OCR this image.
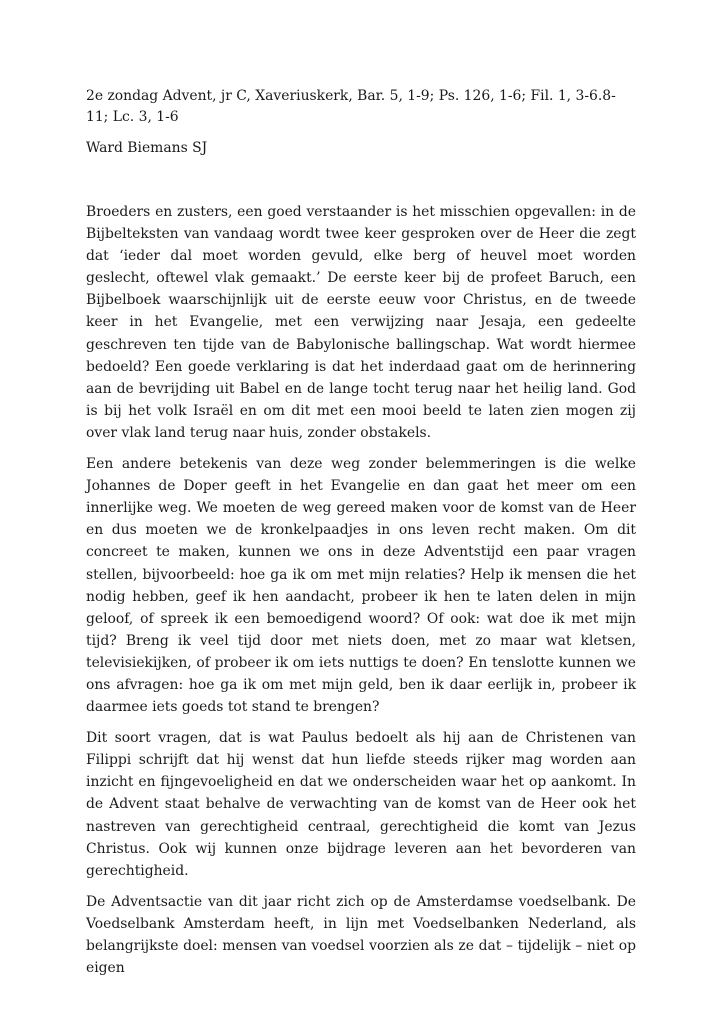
2e zondag Advent, jr C, Xaveriuskerk, Bar. 5, 1-9; Ps. 126, 1-6; Fil. 1, 3-6.8-11; Lc. 3, 1-6

Ward Biemans SJ

Broeders en zusters, een goed verstaander is het misschien opgevallen: in de Bijbelteksten van vandaag wordt twee keer gesproken over de Heer die zegt dat ‘ieder dal moet worden gevuld, elke berg of heuvel moet worden geslecht, oftewel vlak gemaakt.’ De eerste keer bij de profeet Baruch, een Bijbelboek waarschijnlijk uit de eerste eeuw voor Christus, en de tweede keer in het Evangelie, met een verwijzing naar Jesaja, een gedeelte geschreven ten tijde van de Babylonische ballingschap. Wat wordt hiermee bedoeld? Een goede verklaring is dat het inderdaad gaat om de herinnering aan de bevrijding uit Babel en de lange tocht terug naar het heilig land. God is bij het volk Israël en om dit met een mooi beeld te laten zien mogen zij over vlak land terug naar huis, zonder obstakels.

Een andere betekenis van deze weg zonder belemmeringen is die welke Johannes de Doper geeft in het Evangelie en dan gaat het meer om een innerlijke weg. We moeten de weg gereed maken voor de komst van de Heer en dus moeten we de kronkelpaadjes in ons leven recht maken. Om dit concreet te maken, kunnen we ons in deze Adventstijd een paar vragen stellen, bijvoorbeeld: hoe ga ik om met mijn relaties? Help ik mensen die het nodig hebben, geef ik hen aandacht, probeer ik hen te laten delen in mijn geloof, of spreek ik een bemoedigend woord? Of ook: wat doe ik met mijn tijd? Breng ik veel tijd door met niets doen, met zo maar wat kletsen, televisiekijken, of probeer ik om iets nuttigs te doen? En tenslotte kunnen we ons afvragen: hoe ga ik om met mijn geld, ben ik daar eerlijk in, probeer ik daarmee iets goeds tot stand te brengen?

Dit soort vragen, dat is wat Paulus bedoelt als hij aan de Christenen van Filippi schrijft dat hij wenst dat hun liefde steeds rijker mag worden aan inzicht en fijngevoeligheid en dat we onderscheiden waar het op aankomt. In de Advent staat behalve de verwachting van de komst van de Heer ook het nastreven van gerechtigheid centraal, gerechtigheid die komt van Jezus Christus. Ook wij kunnen onze bijdrage leveren aan het bevorderen van gerechtigheid.

De Adventsactie van dit jaar richt zich op de Amsterdamse voedselbank. De Voedselbank Amsterdam heeft, in lijn met Voedselbanken Nederland, als belangrijkste doel: mensen van voedsel voorzien als ze dat – tijdelijk – niet op eigen
